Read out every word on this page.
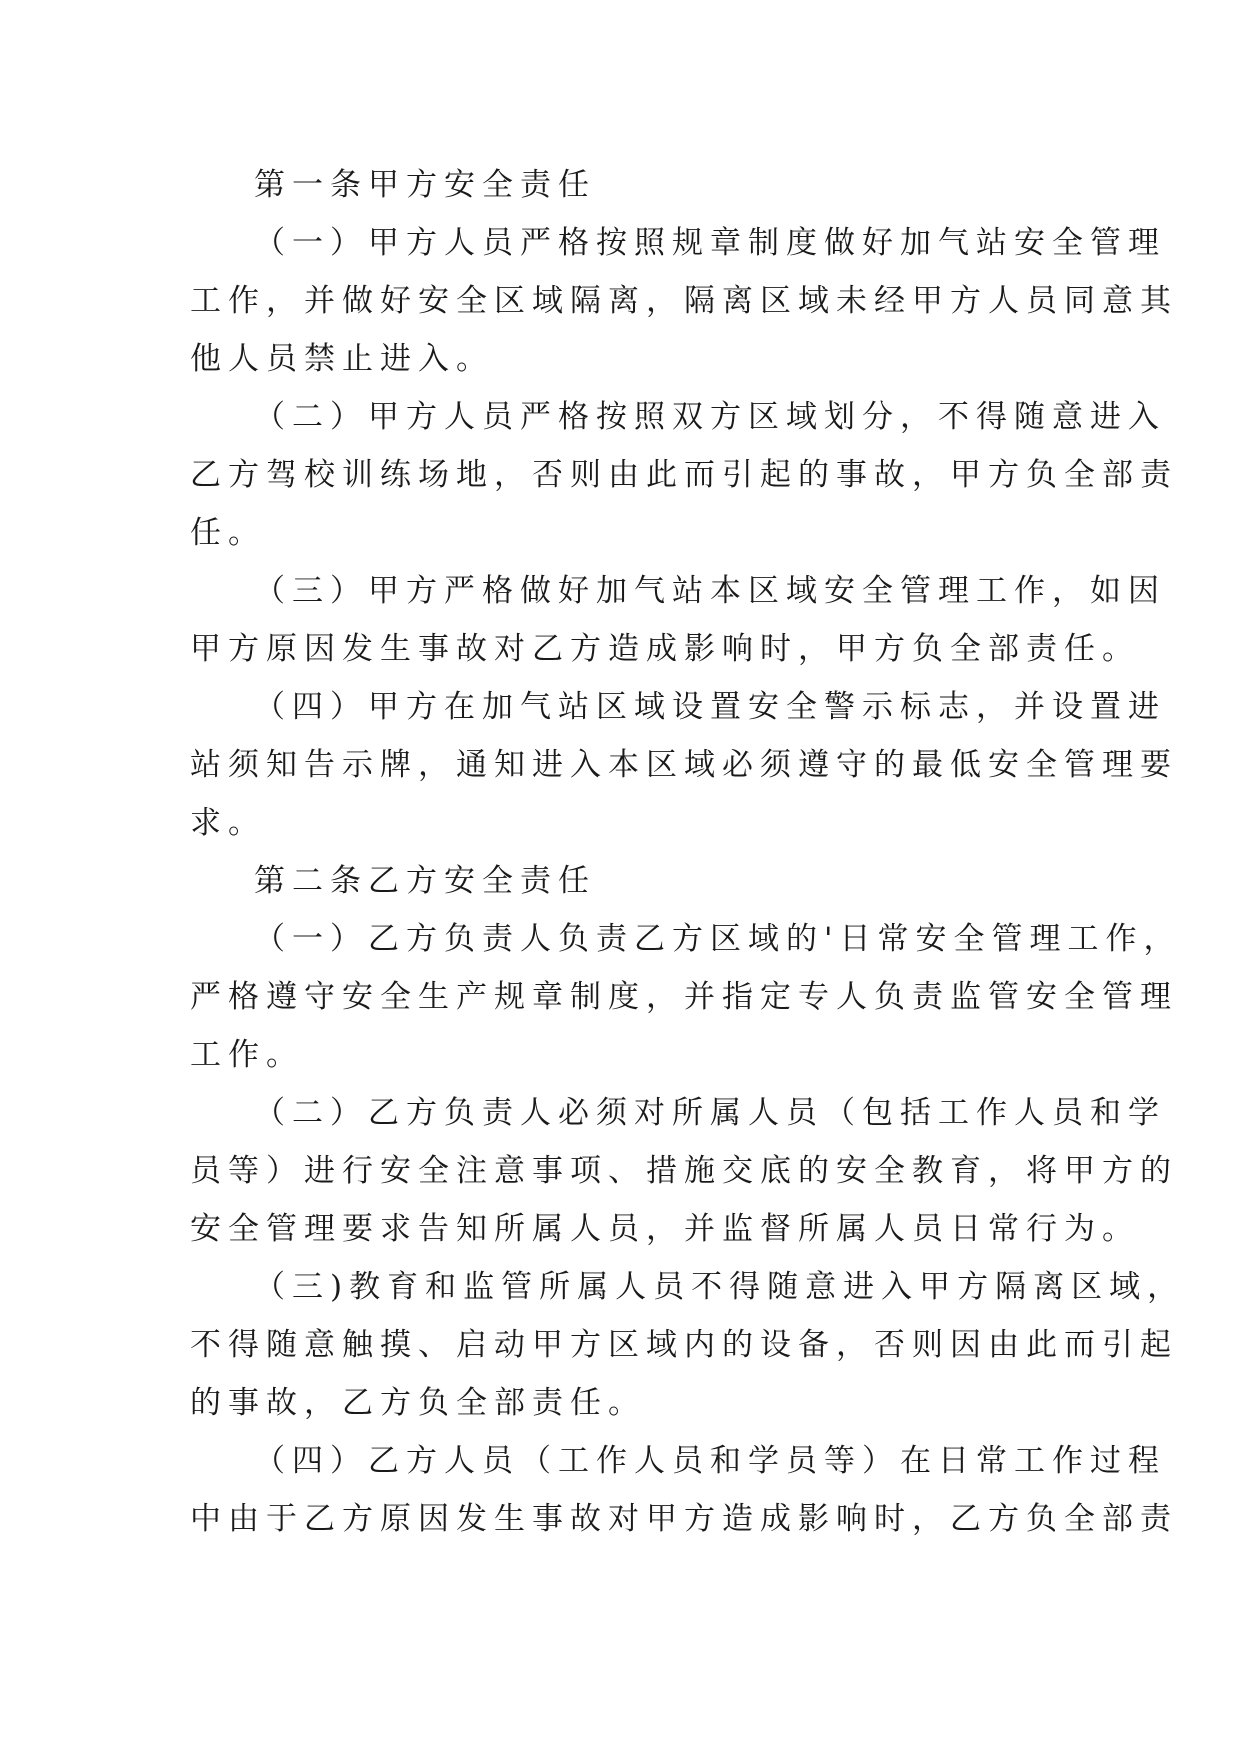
第一条甲方安全责任
（一）甲方人员严格按照规章制度做好加气站安全管理
工作，并做好安全区域隔离，隔离区域未经甲方人员同意其
他人员禁止进入。
（二）甲方人员严格按照双方区域划分，不得随意进入
乙方驾校训练场地，否则由此而引起的事故，甲方负全部责
任。
（三）甲方严格做好加气站本区域安全管理工作，如因
甲方原因发生事故对乙方造成影响时，甲方负全部责任。
（四）甲方在加气站区域设置安全警示标志，并设置进
站须知告示牌，通知进入本区域必须遵守的最低安全管理要
求。
第二条乙方安全责任
（一）乙方负责人负责乙方区域的'日常安全管理工作，
严格遵守安全生产规章制度，并指定专人负责监管安全管理
工作。
（二）乙方负责人必须对所属人员（包括工作人员和学
员等）进行安全注意事项、措施交底的安全教育，将甲方的
安全管理要求告知所属人员，并监督所属人员日常行为。
（三)教育和监管所属人员不得随意进入甲方隔离区域，
不得随意触摸、启动甲方区域内的设备，否则因由此而引起
的事故，乙方负全部责任。
（四）乙方人员（工作人员和学员等）在日常工作过程
中由于乙方原因发生事故对甲方造成影响时，乙方负全部责
